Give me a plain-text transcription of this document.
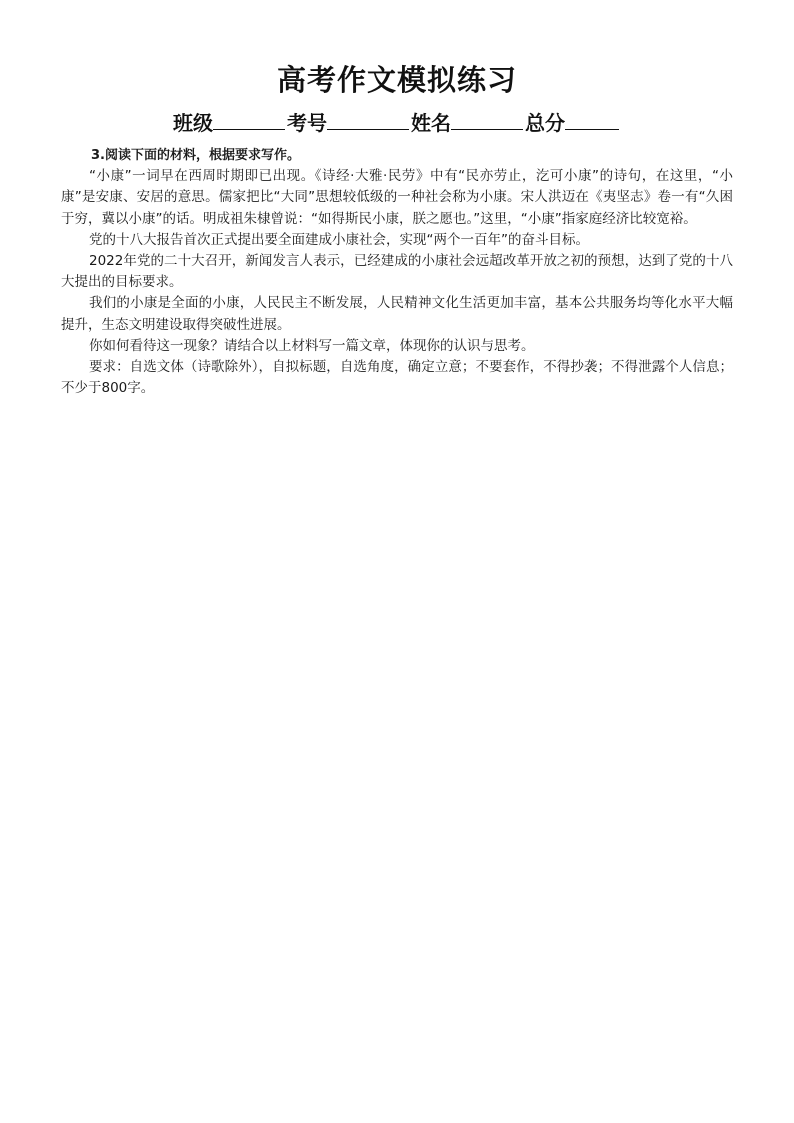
高考作文模拟练习
班级	考号	姓名	总分
3.阅读下面的材料，根据要求写作。

“小康”一词早在西周时期即已出现。《诗经·大雅·民劳》中有“民亦劳止，汔可小康”的诗句，在这里，“小康”是安康、安居的意思。儒家把比“大同”思想较低级的一种社会称为小康。宋人洪迈在《夷坚志》卷一有“久困于穷，冀以小康”的话。明成祖朱棣曾说：“如得斯民小康，朕之愿也。”这里，“小康”指家庭经济比较宽裕。

党的十八大报告首次正式提出要全面建成小康社会，实现“两个一百年”的奋斗目标。

2022年党的二十大召开，新闻发言人表示，已经建成的小康社会远超改革开放之初的预想，达到了党的十八大提出的目标要求。

我们的小康是全面的小康，人民民主不断发展，人民精神文化生活更加丰富，基本公共服务均等化水平大幅提升，生态文明建设取得突破性进展。

你如何看待这一现象？请结合以上材料写一篇文章，体现你的认识与思考。

要求：自选文体（诗歌除外），自拟标题，自选角度，确定立意；不要套作，不得抄袭；不得泄露个人信息；不少于800字。
